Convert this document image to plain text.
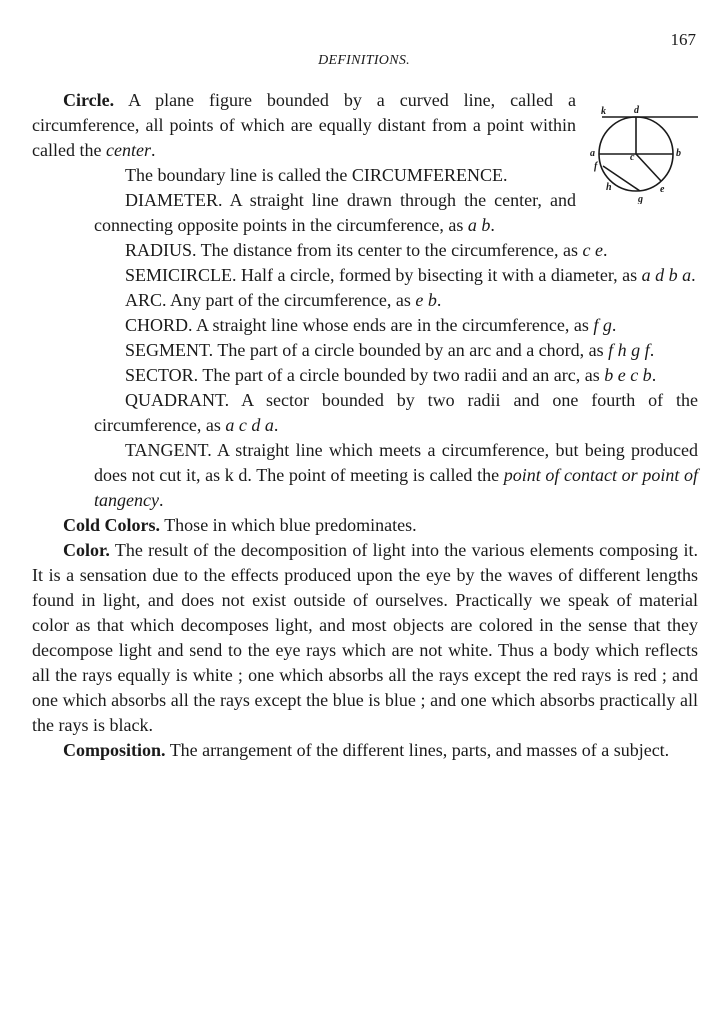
167
DEFINITIONS.
k	d
a	b
c
f
h
g
e

Circle. A plane figure bounded by a curved line, called a circumference, all points of which are equally distant from a point within called the center.

The boundary line is called the CIRCUMFERENCE.

DIAMETER. A straight line drawn through the center, and connecting opposite points in the circumference, as a b.

RADIUS. The distance from its center to the circumference, as c e.

SEMICIRCLE. Half a circle, formed by bisecting it with a diameter, as a d b a.

ARC. Any part of the circumference, as e b.

CHORD. A straight line whose ends are in the circumference, as f g.

SEGMENT. The part of a circle bounded by an arc and a chord, as f h g f.

SECTOR. The part of a circle bounded by two radii and an arc, as b e c b.

QUADRANT. A sector bounded by two radii and one fourth of the circumference, as a c d a.

TANGENT. A straight line which meets a circumference, but being produced does not cut it, as k d. The point of meeting is called the point of contact or point of tangency.

Cold Colors. Those in which blue predominates.

Color. The result of the decomposition of light into the various elements composing it. It is a sensation due to the effects produced upon the eye by the waves of different lengths found in light, and does not exist outside of ourselves. Practically we speak of material color as that which decomposes light, and most objects are colored in the sense that they decompose light and send to the eye rays which are not white. Thus a body which reflects all the rays equally is white ; one which absorbs all the rays except the red rays is red ; and one which absorbs all the rays except the blue is blue ; and one which absorbs practically all the rays is black.

Composition. The arrangement of the different lines, parts, and masses of a subject.
